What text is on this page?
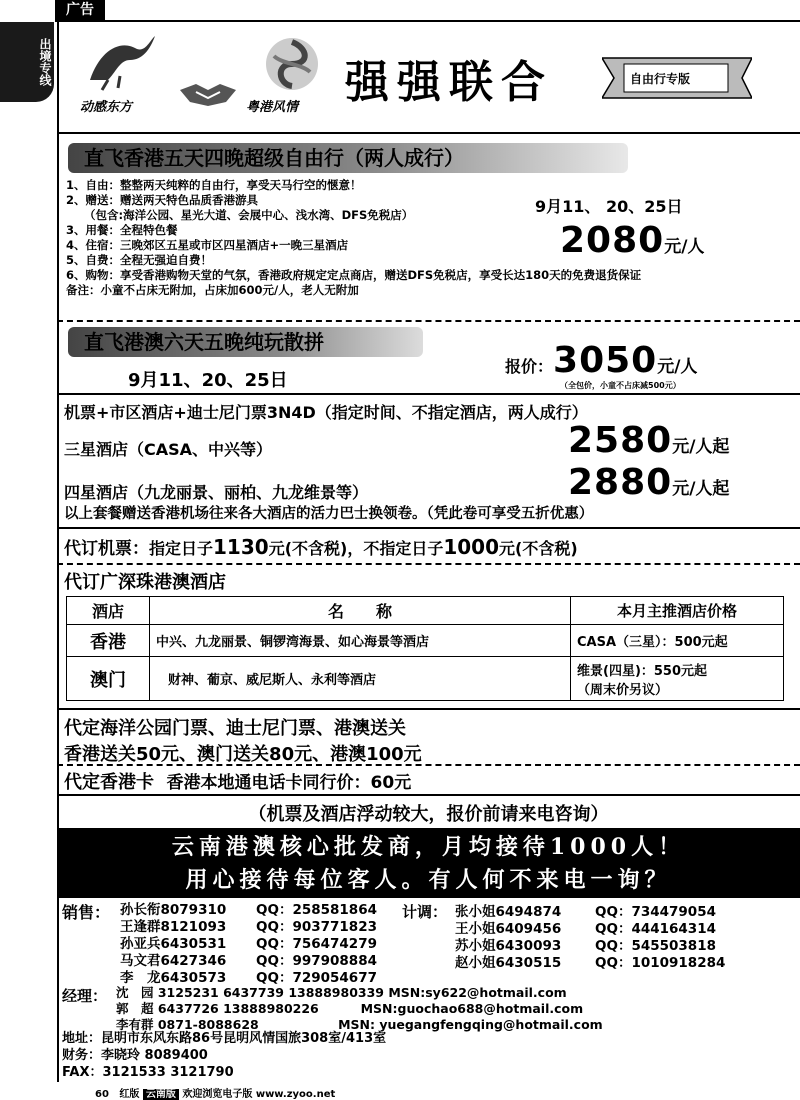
广告
出境专线
动感东方	粤港风情 强强联合	自由行专版
直飞香港五天四晚超级自由行（两人成行）
1、自由：整整两天纯粹的自由行，享受天马行空的惬意！
2、赠送：赠送两天特色品质香港游具
（包含:海洋公园、星光大道、会展中心、浅水湾、DFS免税店）
3、用餐：全程特色餐
4、住宿：三晚郊区五星或市区四星酒店+一晚三星酒店
5、自费：全程无强迫自费！
6、购物：享受香港购物天堂的气氛，香港政府规定定点商店，赠送DFS免税店，享受长达180天的免费退货保证
备注：小童不占床无附加，占床加600元/人，老人无附加
9月11、 20、25日
2080元/人
直飞港澳六天五晚纯玩散拼
9月11、20、25日
报价：3050元/人
（全包价，小童不占床减500元）
机票+市区酒店+迪士尼门票3N4D（指定时间、不指定酒店，两人成行）
三星酒店（CASA、中兴等）	2580元/人起
四星酒店（九龙丽景、丽柏、九龙维景等）	2880元/人起
以上套餐赠送香港机场往来各大酒店的活力巴士换领卷。（凭此卷可享受五折优惠）
代订机票：指定日子1130元(不含税)，不指定日子1000元(不含税)
代订广深珠港澳酒店
酒店	名　　称	本月主推酒店价格
香港	中兴、九龙丽景、铜锣湾海景、如心海景等酒店	CASA（三星）：500元起
澳门	财神、葡京、威尼斯人、永利等酒店	维景(四星)：550元起
（周末价另议）
代定海洋公园门票、迪士尼门票、港澳送关
香港送关50元、澳门送关80元、港澳100元
代定香港卡 香港本地通电话卡同行价：60元
（机票及酒店浮动较大，报价前请来电咨询）
云南港澳核心批发商，月均接待1000人！
用心接待每位客人。有人何不来电一询？
销售： 孙长衔8079310 QQ：258581864
王逢群8121093 QQ：903771823
孙亚兵6430531 QQ：756474279
马文君6427346 QQ：997908884
李　龙6430573 QQ：729054677
计调： 张小姐6494874 QQ：734479054
王小姐6409456 QQ：444164314
苏小姐6430093 QQ：545503818
赵小姐6430515 QQ：1010918284
经理： 沈　园 3125231 6437739 13888980339 MSN:sy622@hotmail.com
郭　超 6437726 13888980226　　　 MSN:guochao688@hotmail.com
李有群 0871-8088628　　　　　　 MSN: yuegangfengqing@hotmail.com
地址：昆明市东风东路86号昆明风情国旅308室/413室
财务：李晓玲 8089400
FAX：3121533 3121790
60 红版 云南版 欢迎浏览电子版 www.zyoo.net
